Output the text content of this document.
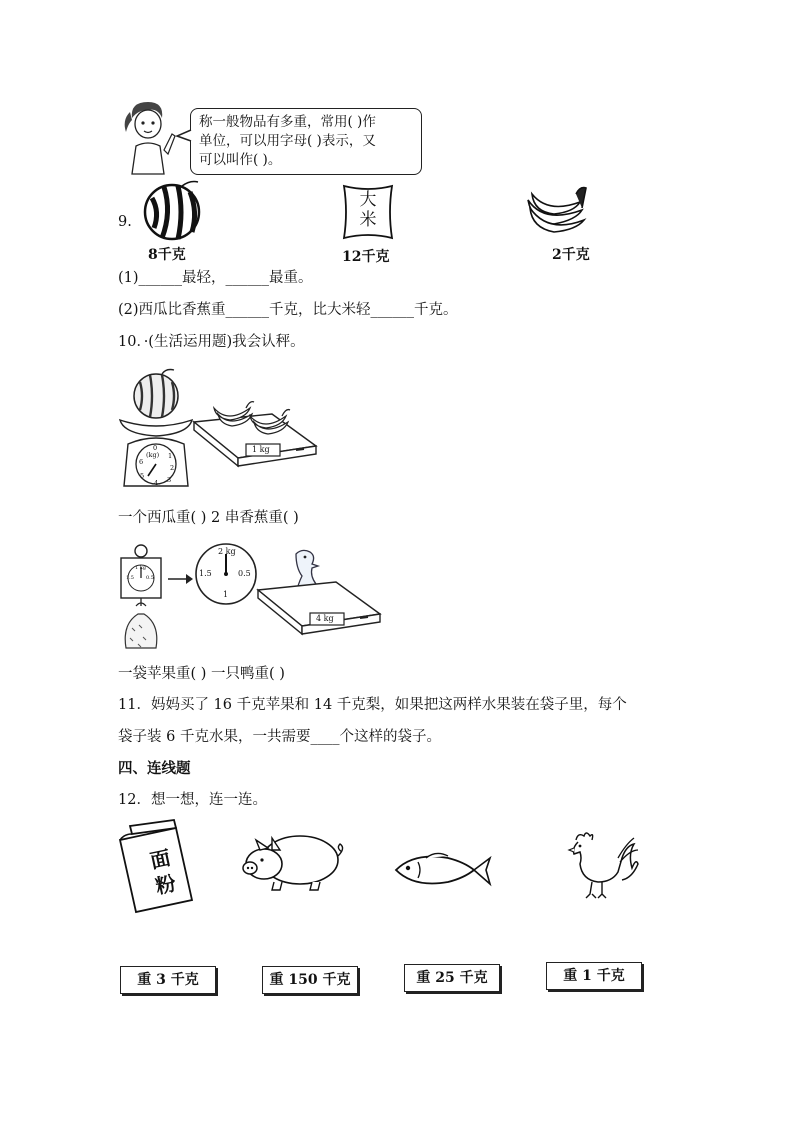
称一般物品有多重，常用( )作
单位，可以用字母( )表示，又
可以叫作( )。
9.
8千克
大
米
12千克	2千克
(1)______最轻，______最重。
(2)西瓜比香蕉重______千克，比大米轻______千克。
10．·(生活运用题)我会认秤。
(kg)
0
1
2
3
4
5
6
1 kg
一个西瓜重( ) 2 串香蕉重( )
1 kg
1.5 0.5
2 kg
1.5	0.5
1
4 kg
一袋苹果重( ) 一只鸭重( )
11．妈妈买了 16 千克苹果和 14 千克梨，如果把这两样水果装在袋子里，每个
袋子装 6 千克水果，一共需要____个这样的袋子。
四、连线题
12．想一想，连一连。
面
粉
重 3 千克	重 150 千克	重 25 千克	重 1 千克
